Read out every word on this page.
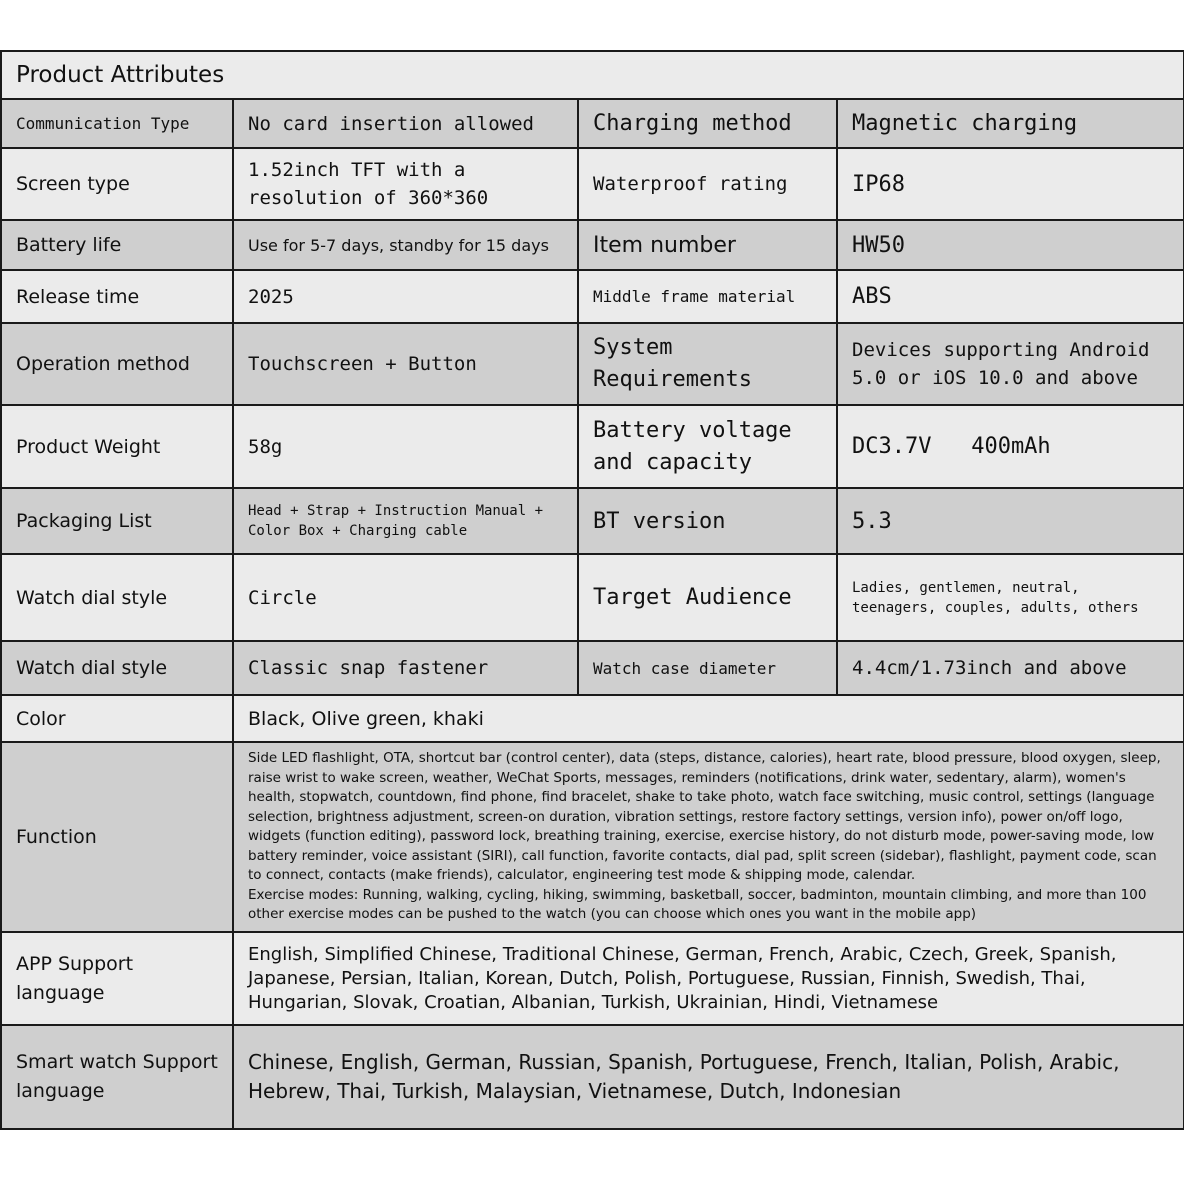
Product Attributes			
Communication Type	No card insertion allowed	Charging method	Magnetic charging
Screen type	1.52inch TFT with a resolution of 360*360	Waterproof rating	IP68
Battery life	Use for 5-7 days, standby for 15 days	Item number	HW50
Release time	2025	Middle frame material	ABS
Operation method	Touchscreen + Button	System Requirements	Devices supporting Android 5.0 or iOS 10.0 and above
Product Weight	58g	Battery voltage and capacity	DC3.7V   400mAh
Packaging List	Head + Strap + Instruction Manual + Color Box + Charging cable	BT version	5.3
Watch dial style	Circle	Target Audience	Ladies, gentlemen, neutral, teenagers, couples, adults, others
Watch dial style	Classic snap fastener	Watch case diameter	4.4cm/1.73inch and above
Color	Black, Olive green, khaki		
Function	Side LED flashlight, OTA, shortcut bar (control center), data (steps, distance, calories), heart rate, blood pressure, blood oxygen, sleep, raise wrist to wake screen, weather, WeChat Sports, messages, reminders (notifications, drink water, sedentary, alarm), women's health, stopwatch, countdown, find phone, find bracelet, shake to take photo, watch face switching, music control, settings (language selection, brightness adjustment, screen-on duration, vibration settings, restore factory settings, version info), power on/off logo, widgets (function editing), password lock, breathing training, exercise, exercise history, do not disturb mode, power-saving mode, low battery reminder, voice assistant (SIRI), call function, favorite contacts, dial pad, split screen (sidebar), flashlight, payment code, scan to connect, contacts (make friends), calculator, engineering test mode & shipping mode, calendar.
Exercise modes: Running, walking, cycling, hiking, swimming, basketball, soccer, badminton, mountain climbing, and more than 100 other exercise modes can be pushed to the watch (you can choose which ones you want in the mobile app)		

APP Support language	English, Simplified Chinese, Traditional Chinese, German, French, Arabic, Czech, Greek, Spanish, Japanese, Persian, Italian, Korean, Dutch, Polish, Portuguese, Russian, Finnish, Swedish, Thai, Hungarian, Slovak, Croatian, Albanian, Turkish, Ukrainian, Hindi, Vietnamese		
Smart watch Support language	Chinese, English, German, Russian, Spanish, Portuguese, French, Italian, Polish, Arabic, Hebrew, Thai, Turkish, Malaysian, Vietnamese, Dutch, Indonesian		
